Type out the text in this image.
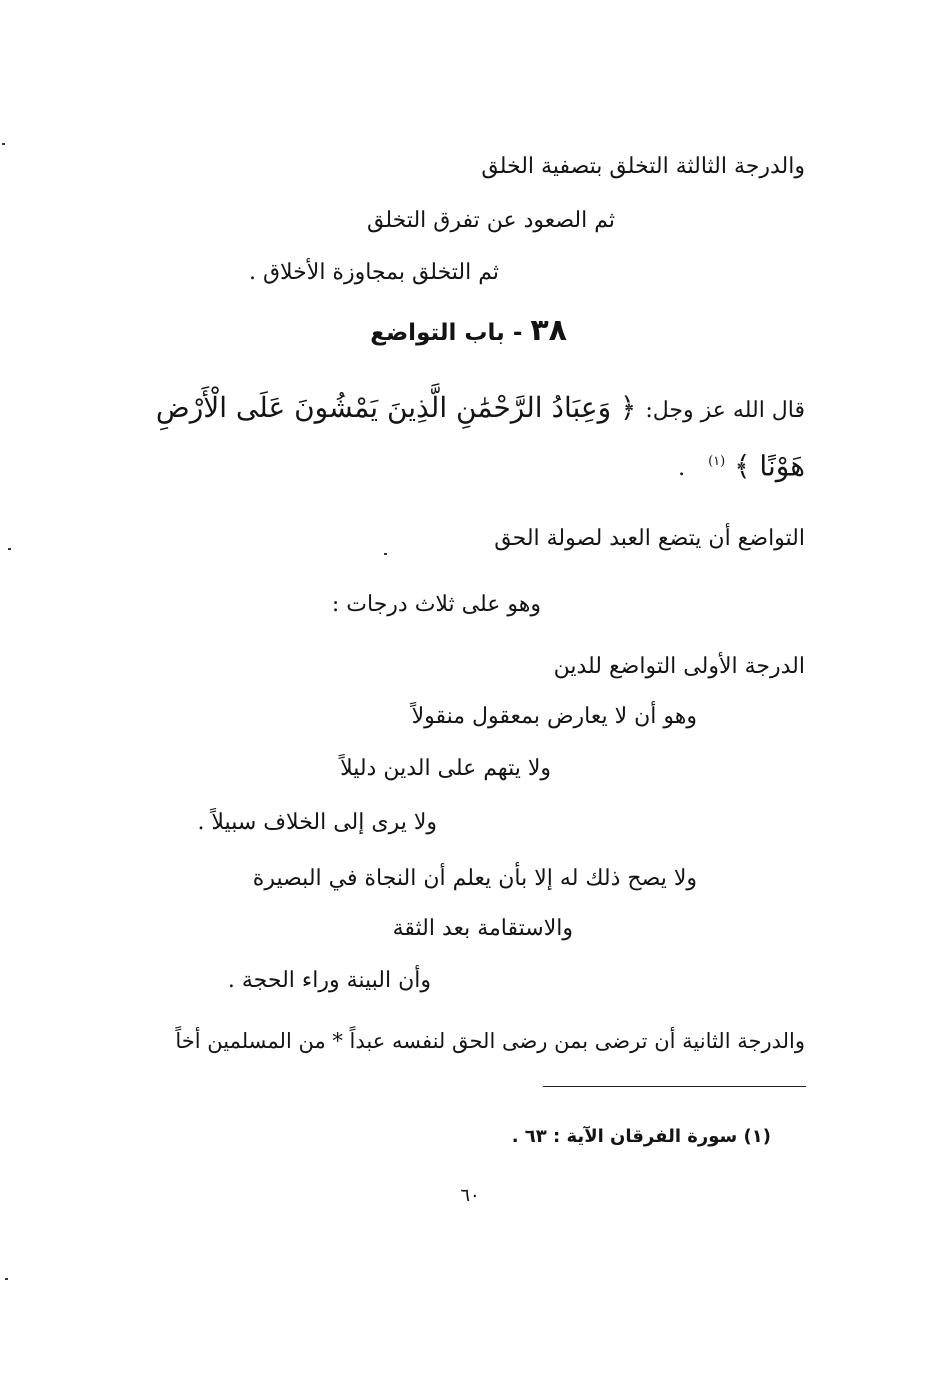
والدرجة الثالثة التخلق بتصفية الخلق
ثم الصعود عن تفرق التخلق
ثم التخلق بمجاوزة الأخلاق .
٣٨ - باب التواضع
قال الله عز وجل: ﴿ وَعِبَادُ الرَّحْمَٰنِ الَّذِينَ يَمْشُونَ عَلَى الْأَرْضِ
هَوْنًا ﴾ $^{(١)}$ .
التواضع أن يتضع العبد لصولة الحق
وهو على ثلاث درجات :
الدرجة الأولى التواضع للدين
وهو أن لا يعارض بمعقول منقولاً
ولا يتهم على الدين دليلاً
ولا يرى إلى الخلاف سبيلاً .
ولا يصح ذلك له إلا بأن يعلم أن النجاة في البصيرة
والاستقامة بعد الثقة
وأن البينة وراء الحجة .
والدرجة الثانية أن ترضى بمن رضى الحق لنفسه عبداً * من المسلمين أخاً
(١) سورة الفرقان الآية : ٦٣ .
٦٠
